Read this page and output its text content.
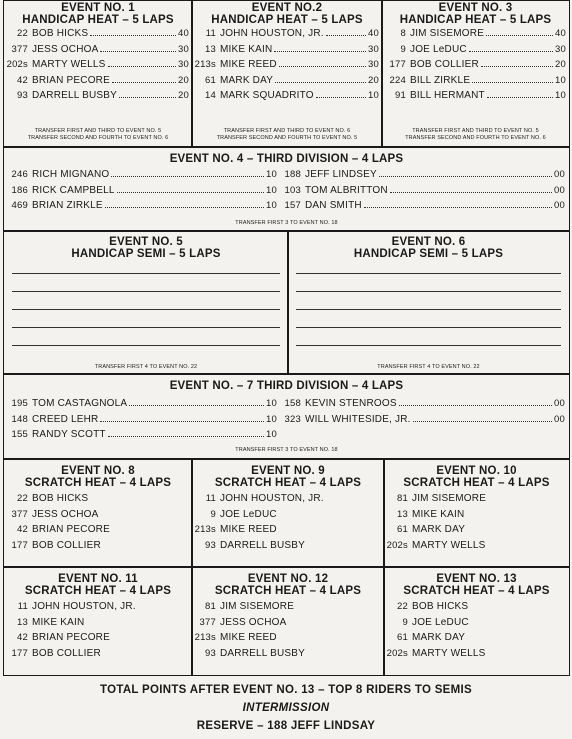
EVENT NO. 1
HANDICAP HEAT – 5 LAPS
22 BOB HICKS	40
377 JESS OCHOA	30
202s MARTY WELLS	30
42 BRIAN PECORE	20
93 DARRELL BUSBY	20
TRANSFER FIRST AND THIRD TO EVENT NO. 5
TRANSFER SECOND AND FOURTH TO EVENT NO. 6
EVENT NO.2
HANDICAP HEAT – 5 LAPS
11 JOHN HOUSTON, JR.	40
13 MIKE KAIN	30
213s MIKE REED	30
61 MARK DAY	20
14 MARK SQUADRITO	10
TRANSFER FIRST AND THIRD TO EVENT NO. 6
TRANSFER SECOND AND FOURTH TO EVENT NO. 5
EVENT NO. 3
HANDICAP HEAT – 5 LAPS
8 JIM SISEMORE	40
9 JOE LeDUC	30
177 BOB COLLIER	20
224 BILL ZIRKLE	10
91 BILL HERMANT	10
TRANSFER FIRST AND THIRD TO EVENT NO. 5
TRANSFER SECOND AND FOURTH TO EVENT NO. 6
EVENT NO. 4 – THIRD DIVISION – 4 LAPS
246 RICH MIGNANO	10
186 RICK CAMPBELL	10
469 BRIAN ZIRKLE	10
188 JEFF LINDSEY	00
103 TOM ALBRITTON	00
157 DAN SMITH	00
TRANSFER FIRST 3 TO EVENT NO. 18
EVENT NO. 5
HANDICAP SEMI – 5 LAPS
TRANSFER FIRST 4 TO EVENT NO. 22
EVENT NO. 6
HANDICAP SEMI – 5 LAPS
TRANSFER FIRST 4 TO EVENT NO. 22
EVENT NO. – 7 THIRD DIVISION – 4 LAPS
195 TOM CASTAGNOLA	10
148 CREED LEHR	10
155 RANDY SCOTT	10
158 KEVIN STENROOS	00
323 WILL WHITESIDE, JR.	00
TRANSFER FIRST 3 TO EVENT NO. 18
EVENT NO. 8
SCRATCH HEAT – 4 LAPS
22 BOB HICKS
377 JESS OCHOA
42 BRIAN PECORE
177 BOB COLLIER
EVENT NO. 9
SCRATCH HEAT – 4 LAPS
11 JOHN HOUSTON, JR.
9 JOE LeDUC
213s MIKE REED
93 DARRELL BUSBY
EVENT NO. 10
SCRATCH HEAT – 4 LAPS
81 JIM SISEMORE
13 MIKE KAIN
61 MARK DAY
202s MARTY WELLS
EVENT NO. 11
SCRATCH HEAT – 4 LAPS
11 JOHN HOUSTON, JR.
13 MIKE KAIN
42 BRIAN PECORE
177 BOB COLLIER
EVENT NO. 12
SCRATCH HEAT – 4 LAPS
81 JIM SISEMORE
377 JESS OCHOA
213s MIKE REED
93 DARRELL BUSBY
EVENT NO. 13
SCRATCH HEAT – 4 LAPS
22 BOB HICKS
9 JOE LeDUC
61 MARK DAY
202s MARTY WELLS
TOTAL POINTS AFTER EVENT NO. 13 – TOP 8 RIDERS TO SEMIS
INTERMISSION
RESERVE – 188 JEFF LINDSAY
